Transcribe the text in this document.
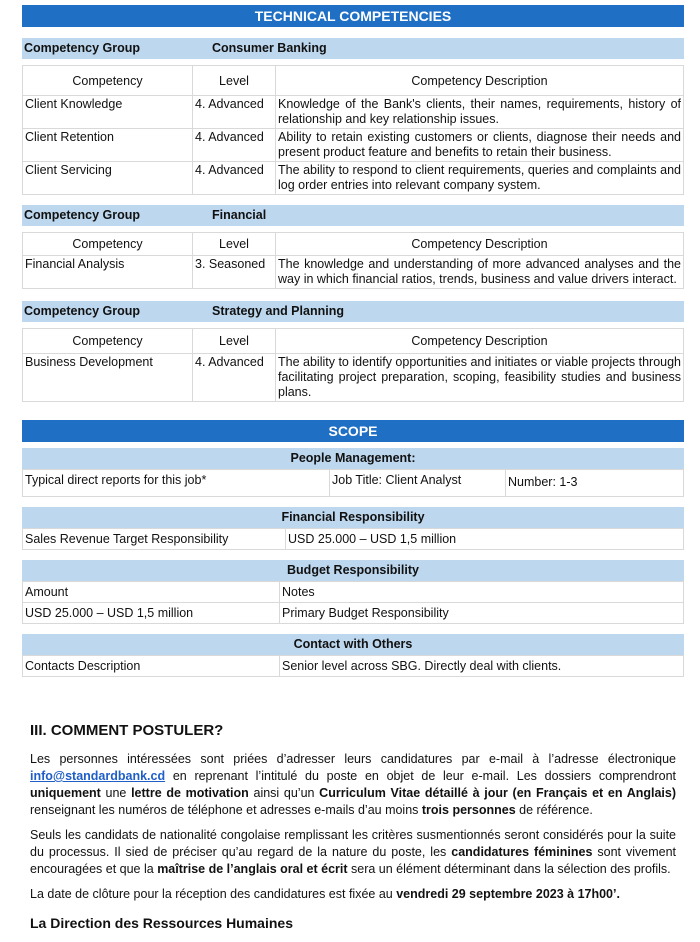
TECHNICAL COMPETENCIES
Competency Group	Consumer Banking
Competency	Level	Competency Description
Client Knowledge	4. Advanced	Knowledge of the Bank's clients, their names, requirements, history of relationship and key relationship issues.
Client Retention	4. Advanced	Ability to retain existing customers or clients, diagnose their needs and present product feature and benefits to retain their business.
Client Servicing	4. Advanced	The ability to respond to client requirements, queries and complaints and log order entries into relevant company system.
Competency Group	Financial
Competency	Level	Competency Description
Financial Analysis	3. Seasoned	The knowledge and understanding of more advanced analyses and the way in which financial ratios, trends, business and value drivers interact.
Competency Group	Strategy and Planning
Competency	Level	Competency Description
Business Development	4. Advanced	The ability to identify opportunities and initiates or viable projects through facilitating project preparation, scoping, feasibility studies and business plans.
SCOPE
People Management:
Typical direct reports for this job*	Job Title: Client Analyst	Number: 1-3
Financial Responsibility
Sales Revenue Target Responsibility	USD 25.000 – USD 1,5 million
Budget Responsibility
Amount	Notes
USD 25.000 – USD 1,5 million	Primary Budget Responsibility
Contact with Others
Contacts Description	Senior level across SBG. Directly deal with clients.
III. COMMENT POSTULER?

Les personnes intéressées sont priées d’adresser leurs candidatures par e-mail à l’adresse électronique info@standardbank.cd en reprenant l’intitulé du poste en objet de leur e-mail. Les dossiers comprendront uniquement une lettre de motivation ainsi qu’un Curriculum Vitae détaillé à jour (en Français et en Anglais) renseignant les numéros de téléphone et adresses e-mails d’au moins trois personnes de référence.

Seuls les candidats de nationalité congolaise remplissant les critères susmentionnés seront considérés pour la suite du processus. Il sied de préciser qu’au regard de la nature du poste, les candidatures féminines sont vivement encouragées et que la maîtrise de l’anglais oral et écrit sera un élément déterminant dans la sélection des profils.

La date de clôture pour la réception des candidatures est fixée au vendredi 29 septembre 2023 à 17h00’.

La Direction des Ressources Humaines
